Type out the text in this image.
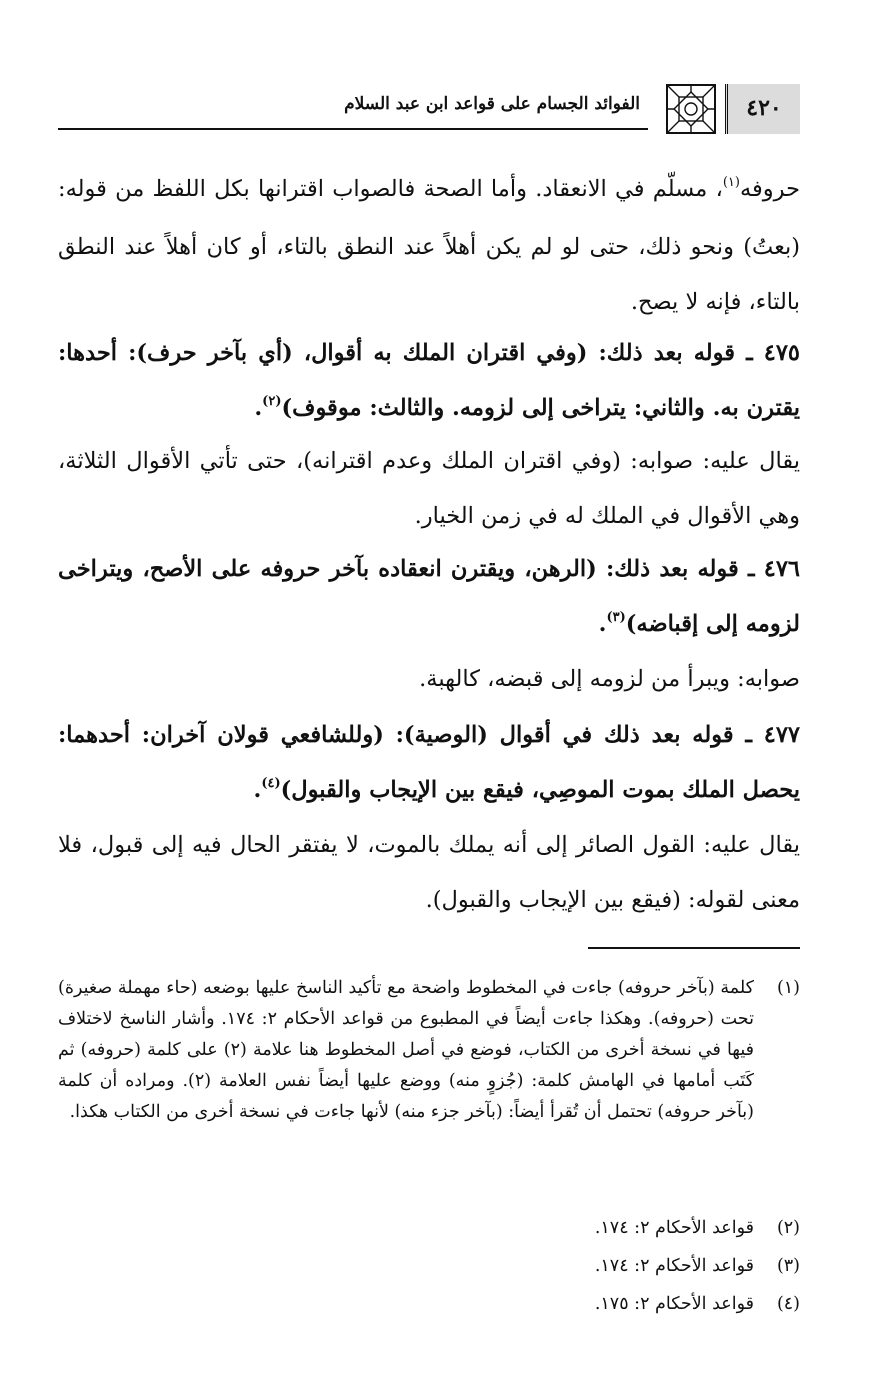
الفوائد الجسام على قواعد ابن عبد السلام	٤٢٠

حروفه$^{(١)}$، مسلّم في الانعقاد. وأما الصحة فالصواب اقترانها بكل اللفظ من قوله: (بعتُ) ونحو ذلك، حتى لو لم يكن أهلاً عند النطق بالتاء، أو كان أهلاً عند النطق بالتاء، فإنه لا يصح.

٤٧٥ ـ قوله بعد ذلك: (وفي اقتران الملك به أقوال، (أي بآخر حرف): أحدها: يقترن به. والثاني: يتراخى إلى لزومه. والثالث: موقوف)$^{(٢)}$.

يقال عليه: صوابه: (وفي اقتران الملك وعدم اقترانه)، حتى تأتي الأقوال الثلاثة، وهي الأقوال في الملك له في زمن الخيار.

٤٧٦ ـ قوله بعد ذلك: (الرهن، ويقترن انعقاده بآخر حروفه على الأصح، ويتراخى لزومه إلى إقباضه)$^{(٣)}$.

صوابه: ويبرأ من لزومه إلى قبضه، كالهبة.

٤٧٧ ـ قوله بعد ذلك في أقوال (الوصية): (وللشافعي قولان آخران: أحدهما: يحصل الملك بموت الموصِي، فيقع بين الإيجاب والقبول)$^{(٤)}$.

يقال عليه: القول الصائر إلى أنه يملك بالموت، لا يفتقر الحال فيه إلى قبول، فلا معنى لقوله: (فيقع بين الإيجاب والقبول).

(١)
كلمة (بآخر حروفه) جاءت في المخطوط واضحة مع تأكيد الناسخ عليها بوضعه (حاء مهملة صغيرة) تحت (حروفه). وهكذا جاءت أيضاً في المطبوع من قواعد الأحكام ٢: ١٧٤. وأشار الناسخ لاختلاف فيها في نسخة أخرى من الكتاب، فوضع في أصل المخطوط هنا علامة (٢) على كلمة (حروفه) ثم كَتَب أمامها في الهامش كلمة: (جُزوٍ منه) ووضع عليها أيضاً نفس العلامة (٢). ومراده أن كلمة (بآخر حروفه) تحتمل أن تُقرأ أيضاً: (بآخر جزء منه) لأنها جاءت في نسخة أخرى من الكتاب هكذا.
(٢)
قواعد الأحكام ٢: ١٧٤.
(٣)
قواعد الأحكام ٢: ١٧٤.
(٤)
قواعد الأحكام ٢: ١٧٥.
